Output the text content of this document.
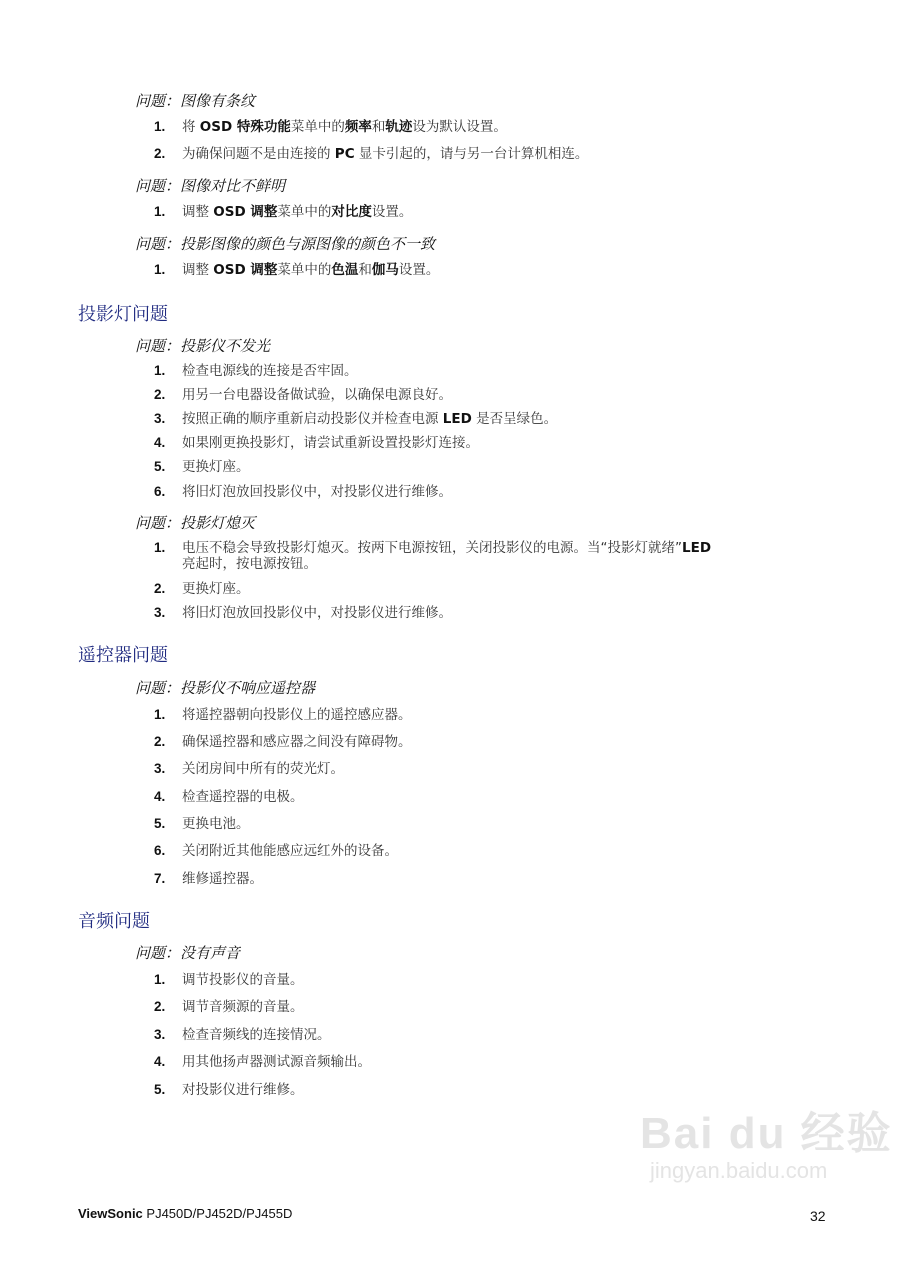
问题：图像有条纹
1. 将 OSD 特殊功能菜单中的频率和轨迹设为默认设置。
2. 为确保问题不是由连接的 PC 显卡引起的，请与另一台计算机相连。
问题：图像对比不鲜明
1. 调整 OSD 调整菜单中的对比度设置。
问题：投影图像的颜色与源图像的颜色不一致
1. 调整 OSD 调整菜单中的色温和伽马设置。
投影灯问题
问题：投影仪不发光
1. 检查电源线的连接是否牢固。
2. 用另一台电器设备做试验，以确保电源良好。
3. 按照正确的顺序重新启动投影仪并检查电源 LED 是否呈绿色。
4. 如果刚更换投影灯，请尝试重新设置投影灯连接。
5. 更换灯座。
6. 将旧灯泡放回投影仪中，对投影仪进行维修。
问题：投影灯熄灭
1. 电压不稳会导致投影灯熄灭。按两下电源按钮，关闭投影仪的电源。当“投影灯就绪”LED
亮起时，按电源按钮。
2. 更换灯座。
3. 将旧灯泡放回投影仪中，对投影仪进行维修。
遥控器问题
问题：投影仪不响应遥控器
1. 将遥控器朝向投影仪上的遥控感应器。
2. 确保遥控器和感应器之间没有障碍物。
3. 关闭房间中所有的荧光灯。
4. 检查遥控器的电极。
5. 更换电池。
6. 关闭附近其他能感应远红外的设备。
7. 维修遥控器。
音频问题
问题：没有声音
1. 调节投影仪的音量。
2. 调节音频源的音量。
3. 检查音频线的连接情况。
4. 用其他扬声器测试源音频输出。
5. 对投影仪进行维修。
ViewSonic PJ450D/PJ452D/PJ455D	32
Bai du 经验
jingyan.baidu.com
